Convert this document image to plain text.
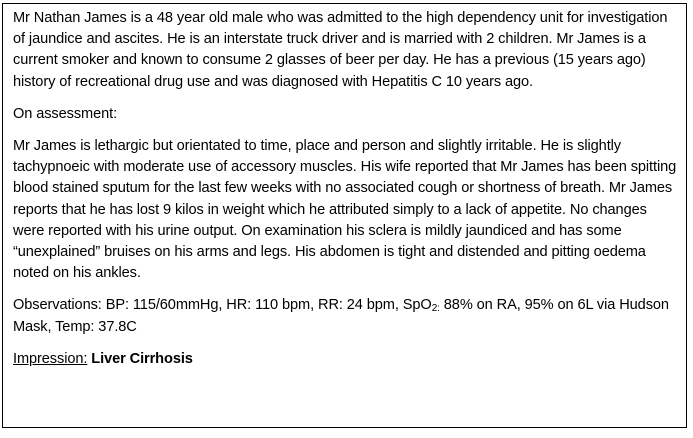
Mr Nathan James is a 48 year old male who was admitted to the high dependency unit for investigation of jaundice and ascites. He is an interstate truck driver and is married with 2 children. Mr James is a current smoker and known to consume 2 glasses of beer per day. He has a previous (15 years ago) history of recreational drug use and was diagnosed with Hepatitis C 10 years ago.

On assessment:

Mr James is lethargic but orientated to time, place and person and slightly irritable. He is slightly tachypnoeic with moderate use of accessory muscles. His wife reported that Mr James has been spitting blood stained sputum for the last few weeks with no associated cough or shortness of breath. Mr James reports that he has lost 9 kilos in weight which he attributed simply to a lack of appetite. No changes were reported with his urine output. On examination his sclera is mildly jaundiced and has some “unexplained” bruises on his arms and legs. His abdomen is tight and distended and pitting oedema noted on his ankles.

Observations: BP: 115/60mmHg, HR: 110 bpm, RR: 24 bpm, SpO$_{2:}$ 88% on RA, 95% on 6L via Hudson Mask, Temp: 37.8C

Impression: Liver Cirrhosis
